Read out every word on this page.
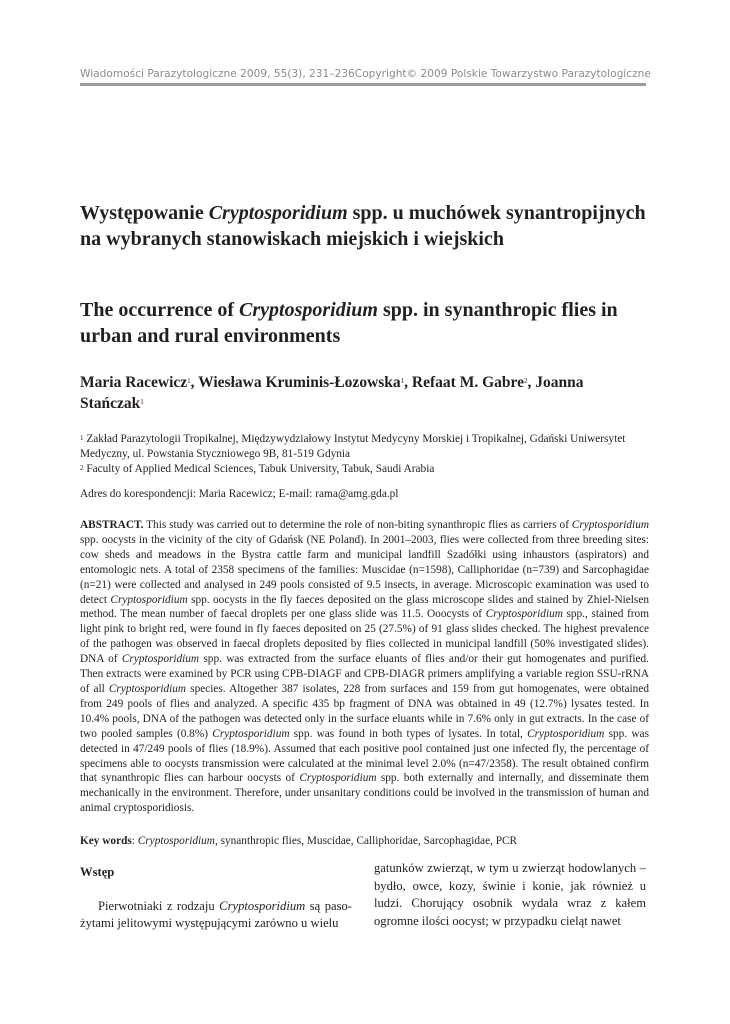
Wiadomości Parazytologiczne 2009, 55(3), 231–236 Copyright© 2009 Polskie Towarzystwo Parazytologiczne
Występowanie Cryptosporidium spp. u muchówek synantropijnych na wybranych stanowiskach miejskich i wiejskich
The occurrence of Cryptosporidium spp. in synanthropic flies in urban and rural environments

Maria Racewicz$^1$, Wiesława Kruminis-Łozowska$^1$, Refaat M. Gabre$^2$, Joanna Stańczak$^1$

$^1$ Zakład Parazytologii Tropikalnej, Międzywydziałowy Instytut Medycyny Morskiej i Tropikalnej, Gdański Uniwersytet Medyczny, ul. Powstania Styczniowego 9B, 81-519 Gdynia

$^2$ Faculty of Applied Medical Sciences, Tabuk University, Tabuk, Saudi Arabia

Adres do korespondencji: Maria Racewicz; E-mail: rama@amg.gda.pl

ABSTRACT. This study was carried out to determine the role of non-biting synanthropic flies as carriers of Cryptosporidium spp. oocysts in the vicinity of the city of Gdańsk (NE Poland). In 2001–2003, flies were collected from three breeding sites: cow sheds and meadows in the Bystra cattle farm and municipal landfill Szadółki using inhaustors (aspirators) and entomologic nets. A total of 2358 specimens of the families: Muscidae (n=1598), Calliphoridae (n=739) and Sarcophagidae (n=21) were collected and analysed in 249 pools consisted of 9.5 insects, in average. Microscopic examination was used to detect Cryptosporidium spp. oocysts in the fly faeces deposited on the glass microscope slides and stained by Zhiel-Nielsen method. The mean number of faecal droplets per one glass slide was 11.5. Ooocysts of Cryptosporidium spp., stained from light pink to bright red, were found in fly faeces deposited on 25 (27.5%) of 91 glass slides checked. The highest prevalence of the pathogen was observed in faecal droplets deposited by flies collected in municipal landfill (50% investigated slides). DNA of Cryptosporidium spp. was extracted from the surface eluants of flies and/or their gut homogenates and purified. Then extracts were examined by PCR using CPB-DIAGF and CPB-DIAGR primers amplifying a variable region SSU-rRNA of all Cryptosporidium species. Altogether 387 isolates, 228 from surfaces and 159 from gut homogenates, were obtained from 249 pools of flies and analyzed. A specific 435 bp fragment of DNA was obtained in 49 (12.7%) lysates tested. In 10.4% pools, DNA of the pathogen was detected only in the surface eluants while in 7.6% only in gut extracts. In the case of two pooled samples (0.8%) Cryptosporidium spp. was found in both types of lysates. In total, Cryptosporidium spp. was detected in 47/249 pools of flies (18.9%). Assumed that each positive pool contained just one infected fly, the percentage of specimens able to oocysts transmission were calculated at the minimal level 2.0% (n=47/2358). The result obtained confirm that synanthropic flies can harbour oocysts of Cryptosporidium spp. both externally and internally, and disseminate them mechanically in the environment. Therefore, under unsanitary conditions could be involved in the transmission of human and animal cryptosporidiosis.

Key words: Cryptosporidium, synanthropic flies, Muscidae, Calliphoridae, Sarcophagidae, PCR

Wstęp

Pierwotniaki z rodzaju Cryptosporidium są pasożytami jelitowymi występującymi zarówno u wielu

gatunków zwierząt, w tym u zwierząt hodowlanych – bydło, owce, kozy, świnie i konie, jak również u ludzi. Chorujący osobnik wydala wraz z kałem ogromne ilości oocyst; w przypadku cieląt nawet
